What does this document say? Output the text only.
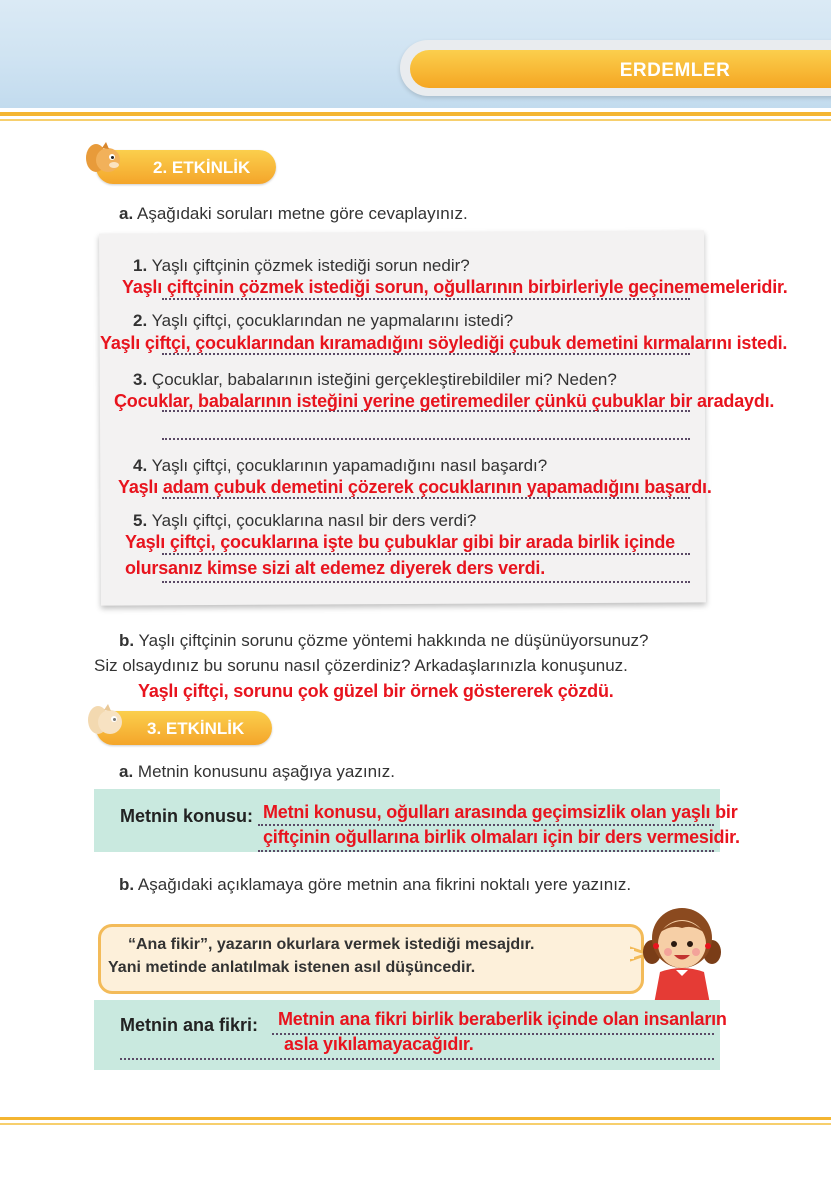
ERDEMLER
2. ETKİNLİK
a. Aşağıdaki soruları metne göre cevaplayınız.
1. Yaşlı çiftçinin çözmek istediği sorun nedir?
Yaşlı çiftçinin çözmek istediği sorun, oğullarının birbirleriyle geçinememeleridir.
2. Yaşlı çiftçi, çocuklarından ne yapmalarını istedi?
Yaşlı çiftçi, çocuklarından kıramadığını söylediği çubuk demetini kırmalarını istedi.
3. Çocuklar, babalarının isteğini gerçekleştirebildiler mi? Neden?
Çocuklar, babalarının isteğini yerine getiremediler çünkü çubuklar bir aradaydı.
4. Yaşlı çiftçi, çocuklarının yapamadığını nasıl başardı?
Yaşlı adam çubuk demetini çözerek çocuklarının yapamadığını başardı.
5. Yaşlı çiftçi, çocuklarına nasıl bir ders verdi?
Yaşlı çiftçi, çocuklarına işte bu çubuklar gibi bir arada birlik içinde
olursanız kimse sizi alt edemez diyerek ders verdi.
b. Yaşlı çiftçinin sorunu çözme yöntemi hakkında ne düşünüyorsunuz?
Siz olsaydınız bu sorunu nasıl çözerdiniz? Arkadaşlarınızla konuşunuz.
Yaşlı çiftçi, sorunu çok güzel bir örnek göstererek çözdü.
3. ETKİNLİK
a. Metnin konusunu aşağıya yazınız.
Metnin konusu: Metni konusu, oğulları arasında geçimsizlik olan yaşlı bir
çiftçinin oğullarına birlik olmaları için bir ders vermesidir.
b. Aşağıdaki açıklamaya göre metnin ana fikrini noktalı yere yazınız.
“Ana fikir”, yazarın okurlara vermek istediği mesajdır.
Yani metinde anlatılmak istenen asıl düşüncedir.
Metnin ana fikri: Metnin ana fikri birlik beraberlik içinde olan insanların
asla yıkılamayacağıdır.
